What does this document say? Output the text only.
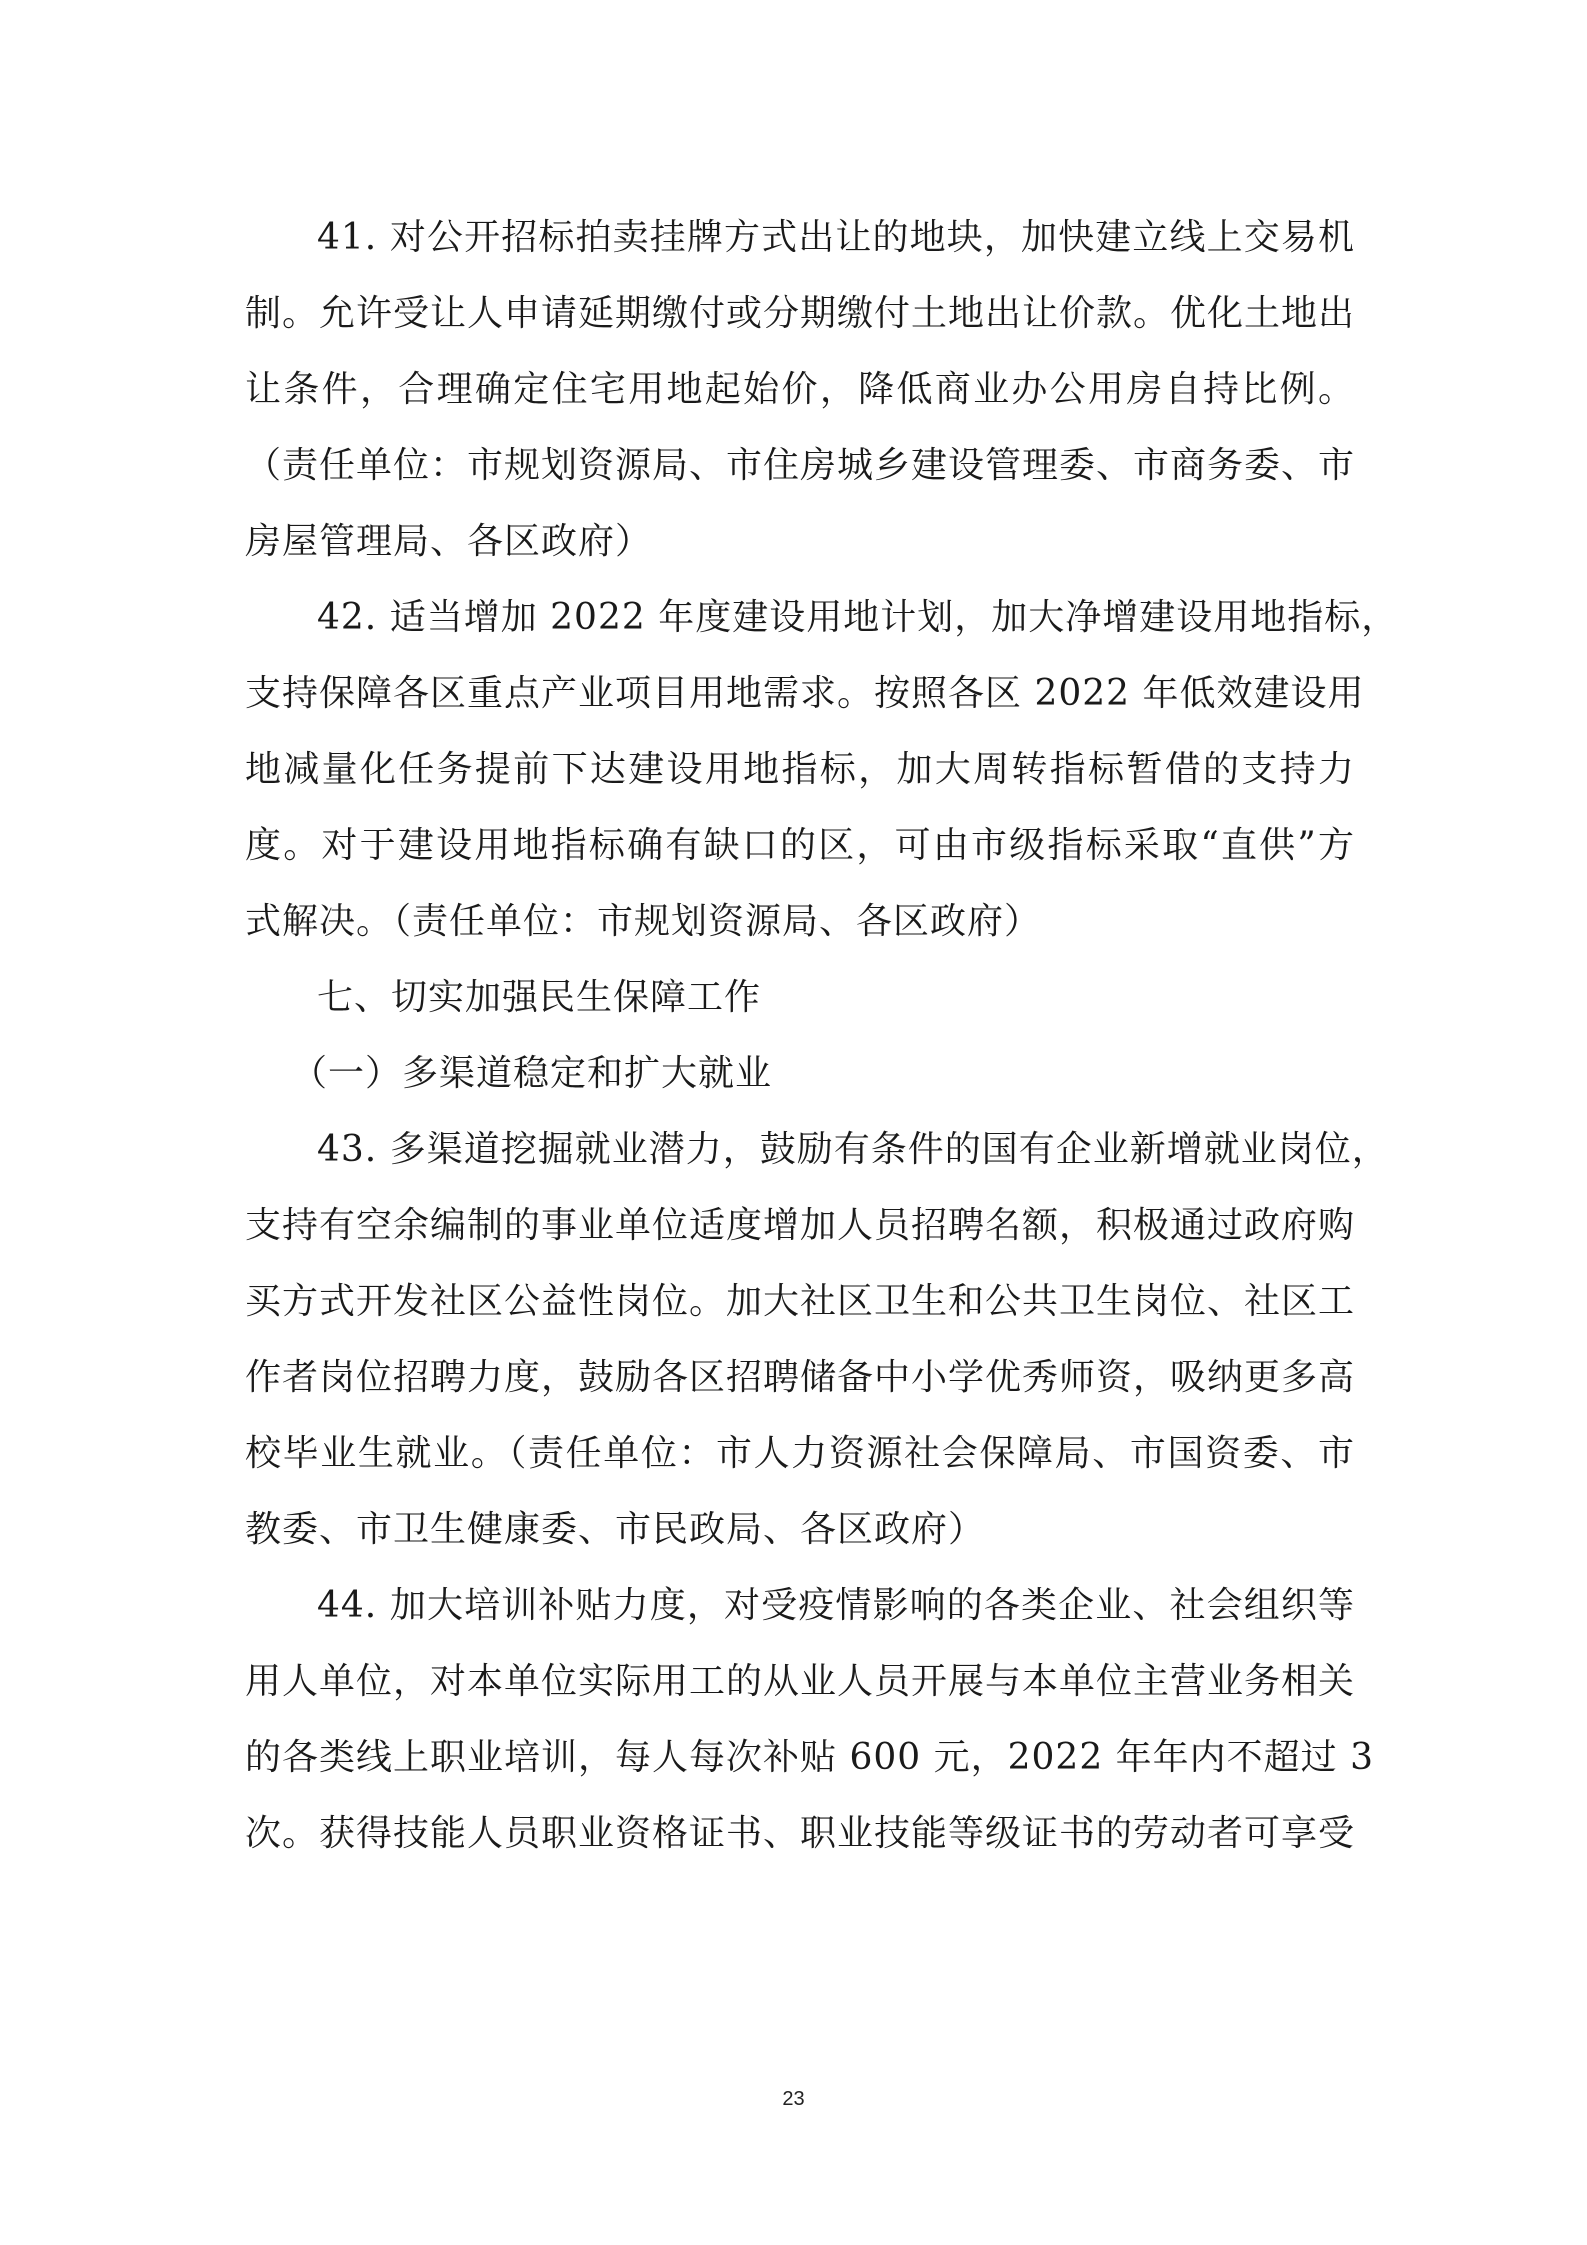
41. 对公开招标拍卖挂牌方式出让的地块，加快建立线上交易机
制。允许受让人申请延期缴付或分期缴付土地出让价款。优化土地出
让条件，合理确定住宅用地起始价，降低商业办公用房自持比例。
（责任单位：市规划资源局、市住房城乡建设管理委、市商务委、市
房屋管理局、各区政府）
42. 适当增加 2022 年度建设用地计划，加大净增建设用地指标，
支持保障各区重点产业项目用地需求。按照各区 2022 年低效建设用
地减量化任务提前下达建设用地指标，加大周转指标暂借的支持力
度。对于建设用地指标确有缺口的区，可由市级指标采取“直供”方
式解决。（责任单位：市规划资源局、各区政府）
七、切实加强民生保障工作
（一）多渠道稳定和扩大就业
43. 多渠道挖掘就业潜力，鼓励有条件的国有企业新增就业岗位，
支持有空余编制的事业单位适度增加人员招聘名额，积极通过政府购
买方式开发社区公益性岗位。加大社区卫生和公共卫生岗位、社区工
作者岗位招聘力度，鼓励各区招聘储备中小学优秀师资，吸纳更多高
校毕业生就业。（责任单位：市人力资源社会保障局、市国资委、市
教委、市卫生健康委、市民政局、各区政府）
44. 加大培训补贴力度，对受疫情影响的各类企业、社会组织等
用人单位，对本单位实际用工的从业人员开展与本单位主营业务相关
的各类线上职业培训，每人每次补贴 600 元，2022 年年内不超过 3
次。获得技能人员职业资格证书、职业技能等级证书的劳动者可享受
23
